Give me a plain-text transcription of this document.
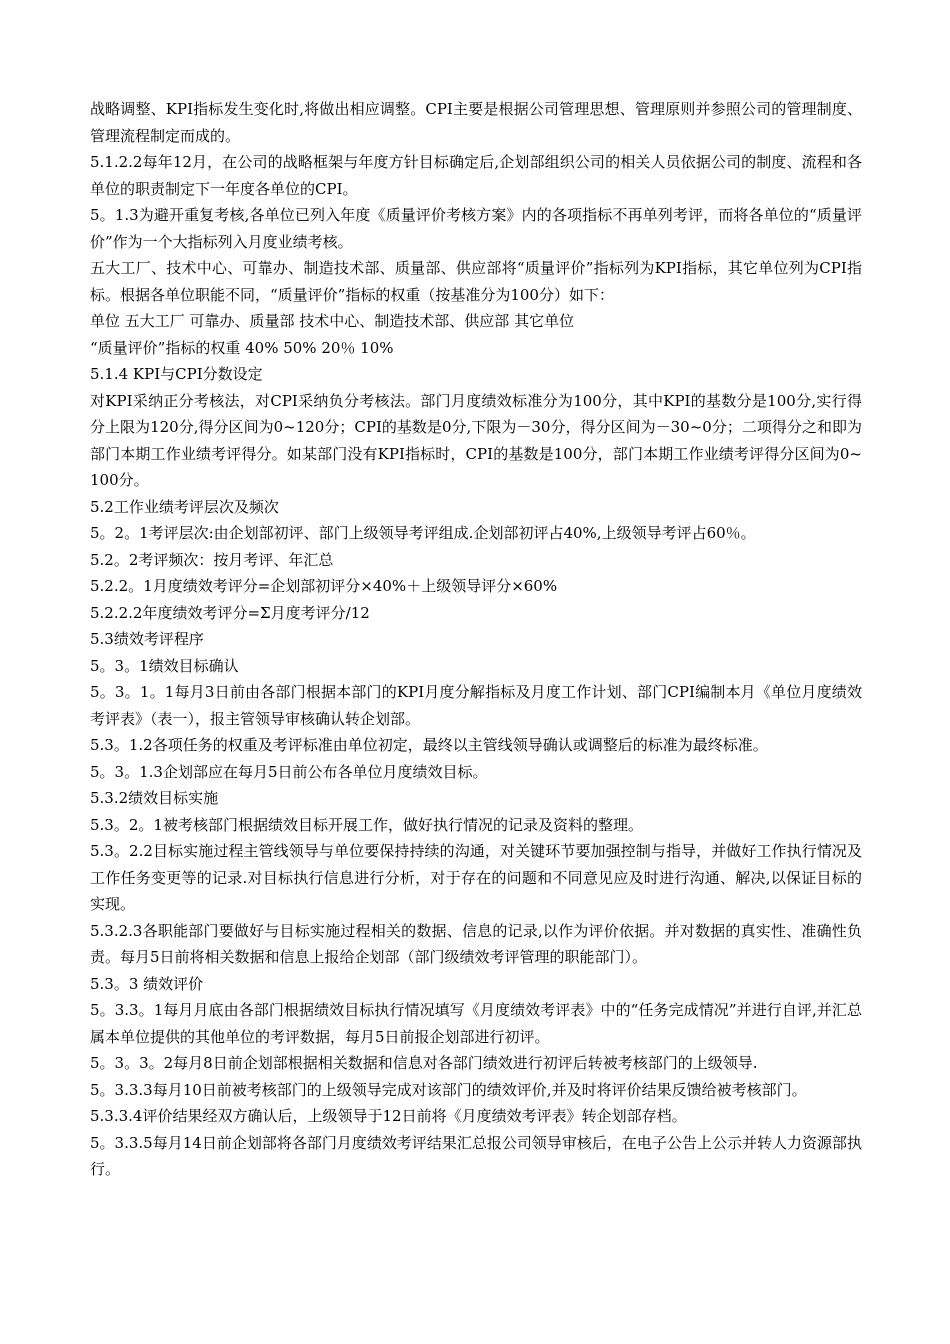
战略调整、KPI指标发生变化时,将做出相应调整。CPI主要是根据公司管理思想、管理原则并参照公司的管理制度、管理流程制定而成的。

5.1.2.2每年12月，在公司的战略框架与年度方针目标确定后,企划部组织公司的相关人员依据公司的制度、流程和各单位的职责制定下一年度各单位的CPI。

5。1.3为避开重复考核,各单位已列入年度《质量评价考核方案》内的各项指标不再单列考评，而将各单位的“质量评价”作为一个大指标列入月度业绩考核。

五大工厂、技术中心、可靠办、制造技术部、质量部、供应部将“质量评价”指标列为KPI指标，其它单位列为CPI指标。根据各单位职能不同，“质量评价”指标的权重（按基准分为100分）如下：

单位 五大工厂 可靠办、质量部 技术中心、制造技术部、供应部 其它单位

“质量评价”指标的权重 40% 50% 20％ 10%

5.1.4 KPI与CPI分数设定

对KPI采纳正分考核法，对CPI采纳负分考核法。部门月度绩效标准分为100分，其中KPI的基数分是100分,实行得分上限为120分,得分区间为0~120分；CPI的基数是0分,下限为－30分，得分区间为－30~0分；二项得分之和即为部门本期工作业绩考评得分。如某部门没有KPI指标时，CPI的基数是100分，部门本期工作业绩考评得分区间为0~100分。

5.2工作业绩考评层次及频次

5。2。1考评层次:由企划部初评、部门上级领导考评组成.企划部初评占40%,上级领导考评占60％。

5.2。2考评频次：按月考评、年汇总

5.2.2。1月度绩效考评分=企划部初评分×40%＋上级领导评分×60%

5.2.2.2年度绩效考评分=Σ月度考评分/12

5.3绩效考评程序

5。3。1绩效目标确认

5。3。1。1每月3日前由各部门根据本部门的KPI月度分解指标及月度工作计划、部门CPI编制本月《单位月度绩效考评表》（表一），报主管领导审核确认转企划部。

5.3。1.2各项任务的权重及考评标准由单位初定，最终以主管线领导确认或调整后的标准为最终标准。

5。3。1.3企划部应在每月5日前公布各单位月度绩效目标。

5.3.2绩效目标实施

5.3。2。1被考核部门根据绩效目标开展工作，做好执行情况的记录及资料的整理。

5.3。2.2目标实施过程主管线领导与单位要保持持续的沟通，对关键环节要加强控制与指导，并做好工作执行情况及工作任务变更等的记录.对目标执行信息进行分析，对于存在的问题和不同意见应及时进行沟通、解决,以保证目标的实现。

5.3.2.3各职能部门要做好与目标实施过程相关的数据、信息的记录,以作为评价依据。并对数据的真实性、准确性负责。每月5日前将相关数据和信息上报给企划部（部门级绩效考评管理的职能部门）。

5.3。3 绩效评价

5。3.3。1每月月底由各部门根据绩效目标执行情况填写《月度绩效考评表》中的“任务完成情况”并进行自评,并汇总属本单位提供的其他单位的考评数据，每月5日前报企划部进行初评。

5。3。3。2每月8日前企划部根据相关数据和信息对各部门绩效进行初评后转被考核部门的上级领导.

5。3.3.3每月10日前被考核部门的上级领导完成对该部门的绩效评价,并及时将评价结果反馈给被考核部门。

5.3.3.4评价结果经双方确认后，上级领导于12日前将《月度绩效考评表》转企划部存档。

5。3.3.5每月14日前企划部将各部门月度绩效考评结果汇总报公司领导审核后，在电子公告上公示并转人力资源部执行。
